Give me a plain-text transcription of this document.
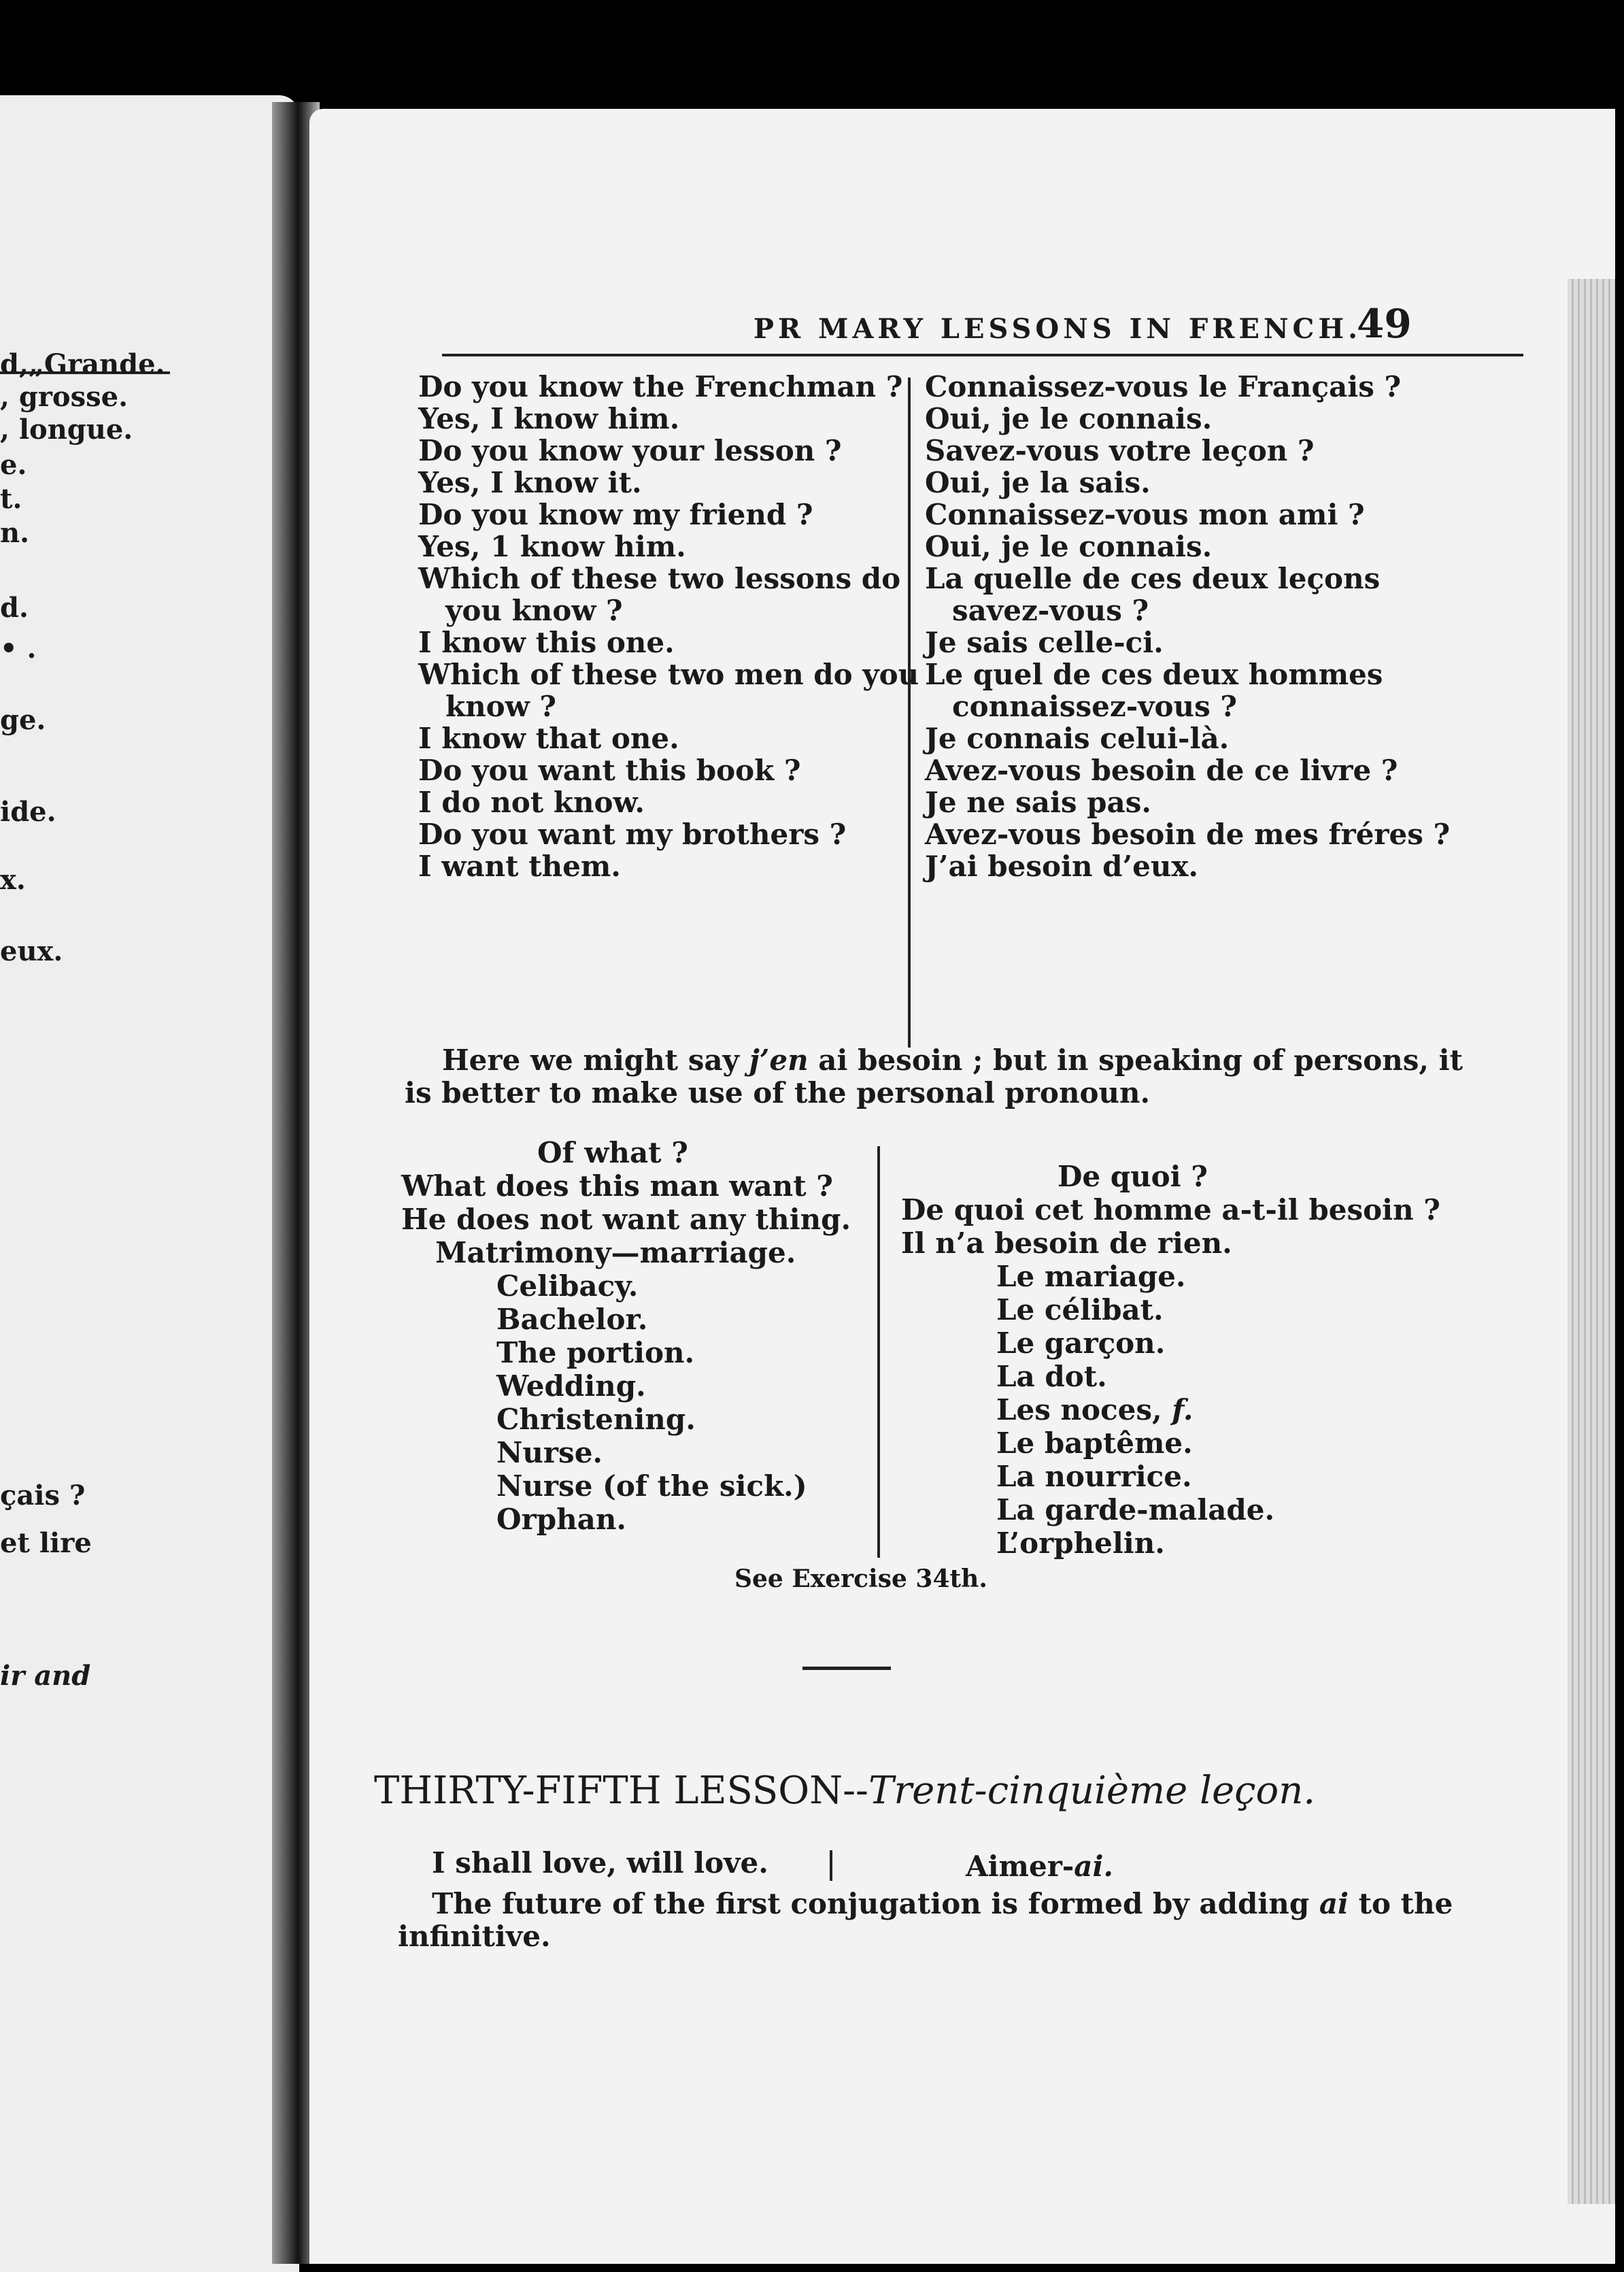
d,„Grande.
, grosse.
, longue.
e.
t.
n.
d.
• .
ge.
ide.
x.
eux.
çais ?
et lire
ir and
PR MARY LESSONS IN FRENCH.
49
Do you know the Frenchman ?
Yes, I know him.
Do you know your lesson ?
Yes, I know it.
Do you know my friend ?
Yes, 1 know him.
Which of these two lessons do
you know ?
I know this one.
Which of these two men do you
know ?
I know that one.
Do you want this book ?
I do not know.
Do you want my brothers ?
I want them.
Connaissez-vous le Français ?
Oui, je le connais.
Savez-vous votre leçon ?
Oui, je la sais.
Connaissez-vous mon ami ?
Oui, je le connais.
La quelle de ces deux leçons
savez-vous ?
Je sais celle-ci.
Le quel de ces deux hommes
connaissez-vous ?
Je connais celui-là.
Avez-vous besoin de ce livre ?
Je ne sais pas.
Avez-vous besoin de mes fréres ?
J’ai besoin d’eux.
Here we might say j’en ai besoin ; but in speaking of persons, it
is better to make use of the personal pronoun.
Of what ?
What does this man want ?
He does not want any thing.
Matrimony—marriage.
Celibacy.
Bachelor.
The portion.
Wedding.
Christening.
Nurse.
Nurse (of the sick.)
Orphan.
De quoi ?
De quoi cet homme a-t-il besoin ?
Il n’a besoin de rien.
Le mariage.
Le célibat.
Le garçon.
La dot.
Les noces, f.
Le baptême.
La nourrice.
La garde-malade.
L’orphelin.
See Exercise 34th.
THIRTY-FIFTH LESSON--Trent-cinquième leçon.
I shall love, will love.	Aimer-ai.
The future of the first conjugation is formed by adding ai to the
infinitive.
